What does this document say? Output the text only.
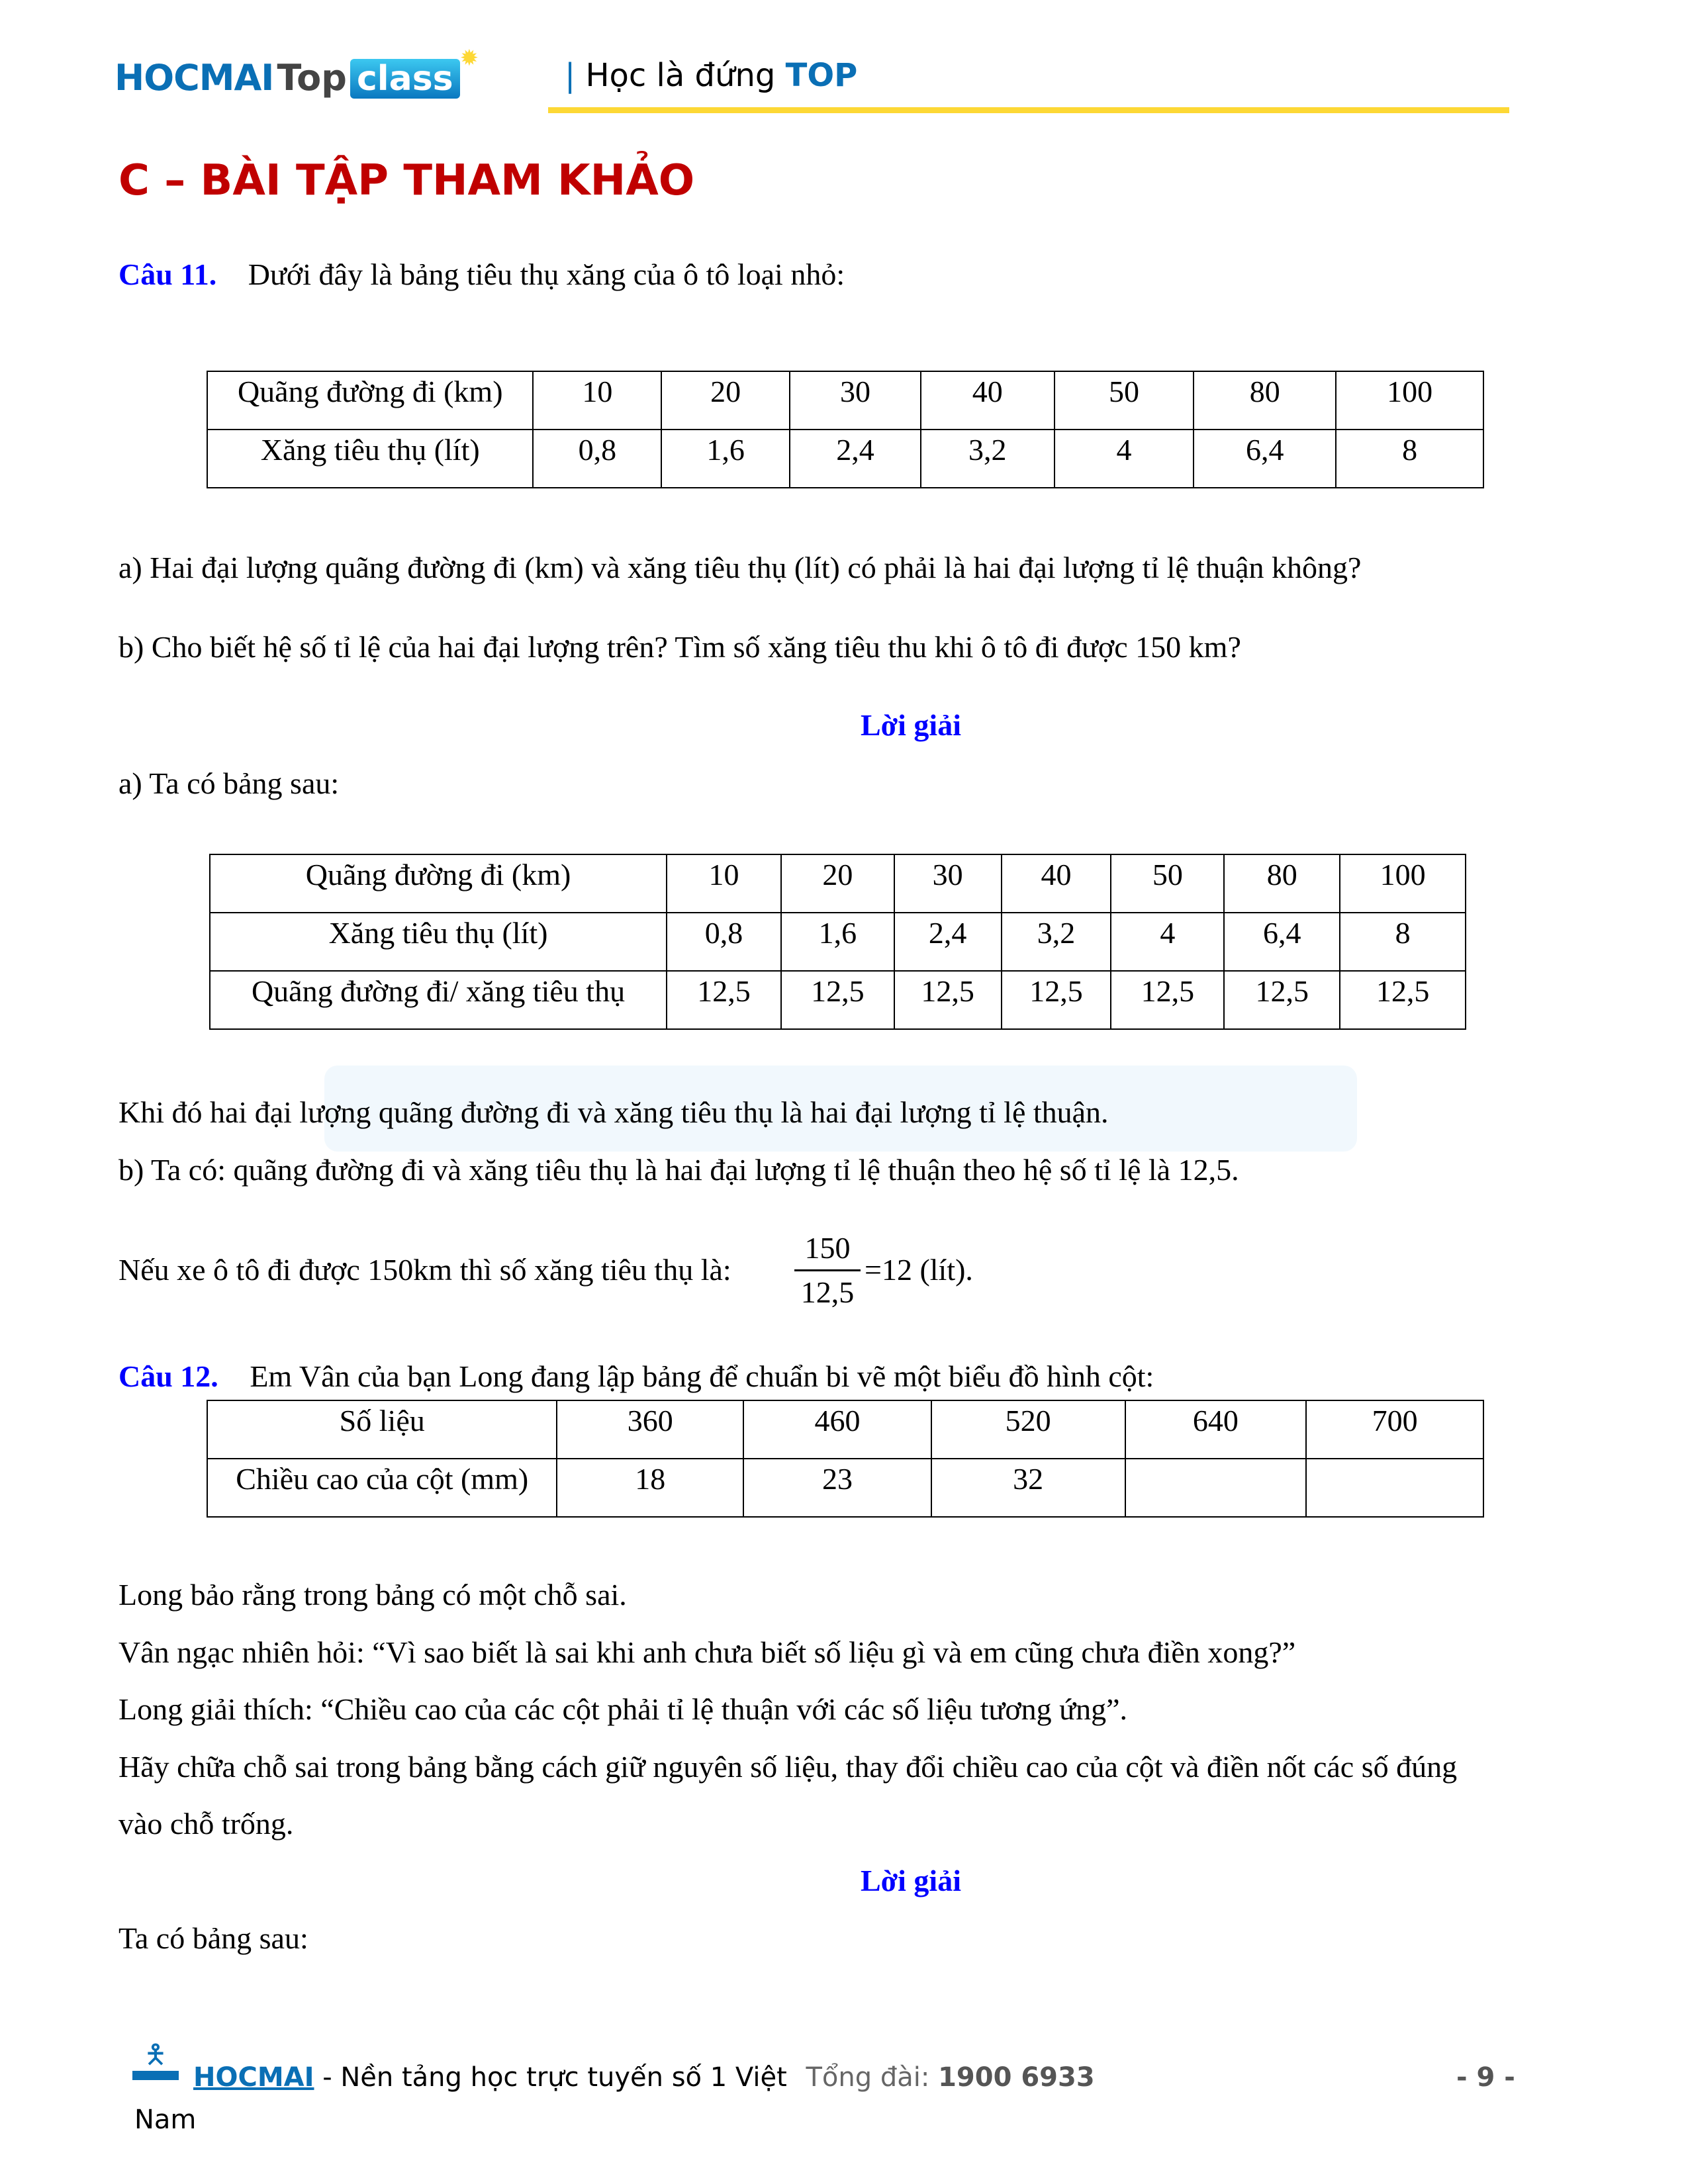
HOCMAI Top class✹	| Học là đứng TOP
C – BÀI TẬP THAM KHẢO
Câu 11. Dưới đây là bảng tiêu thụ xăng của ô tô loại nhỏ:
Quãng đường đi (km)	10	20	30	40	50	80	100
Xăng tiêu thụ (lít)	0,8	1,6	2,4	3,2	4	6,4	8
a) Hai đại lượng quãng đường đi (km) và xăng tiêu thụ (lít) có phải là hai đại lượng tỉ lệ thuận không?
b) Cho biết hệ số tỉ lệ của hai đại lượng trên? Tìm số xăng tiêu thu khi ô tô đi được 150 km?
Lời giải
a) Ta có bảng sau:
Quãng đường đi (km)	10	20	30	40	50	80	100
Xăng tiêu thụ (lít)	0,8	1,6	2,4	3,2	4	6,4	8
Quãng đường đi/ xăng tiêu thụ	12,5	12,5	12,5	12,5	12,5	12,5	12,5
Khi đó hai đại lượng quãng đường đi và xăng tiêu thụ là hai đại lượng tỉ lệ thuận.
b) Ta có: quãng đường đi và xăng tiêu thụ là hai đại lượng tỉ lệ thuận theo hệ số tỉ lệ là 12,5.
Nếu xe ô tô đi được 150km thì số xăng tiêu thụ là:
150
12,5
=12 (lít).
Câu 12. Em Vân của bạn Long đang lập bảng để chuẩn bi vẽ một biểu đồ hình cột:
Số liệu	360	460	520	640	700
Chiều cao của cột (mm)	18	23	32		
Long bảo rằng trong bảng có một chỗ sai.
Vân ngạc nhiên hỏi: “Vì sao biết là sai khi anh chưa biết số liệu gì và em cũng chưa điền xong?”
Long giải thích: “Chiều cao của các cột phải tỉ lệ thuận với các số liệu tương ứng”.
Hãy chữa chỗ sai trong bảng bằng cách giữ nguyên số liệu, thay đổi chiều cao của cột và điền nốt các số đúng
vào chỗ trống.
Lời giải
Ta có bảng sau:
🯅
HOCMAI - Nền tảng học trực tuyến số 1 Việt Tổng đài: 1900 6933
Nam
- 9 -
